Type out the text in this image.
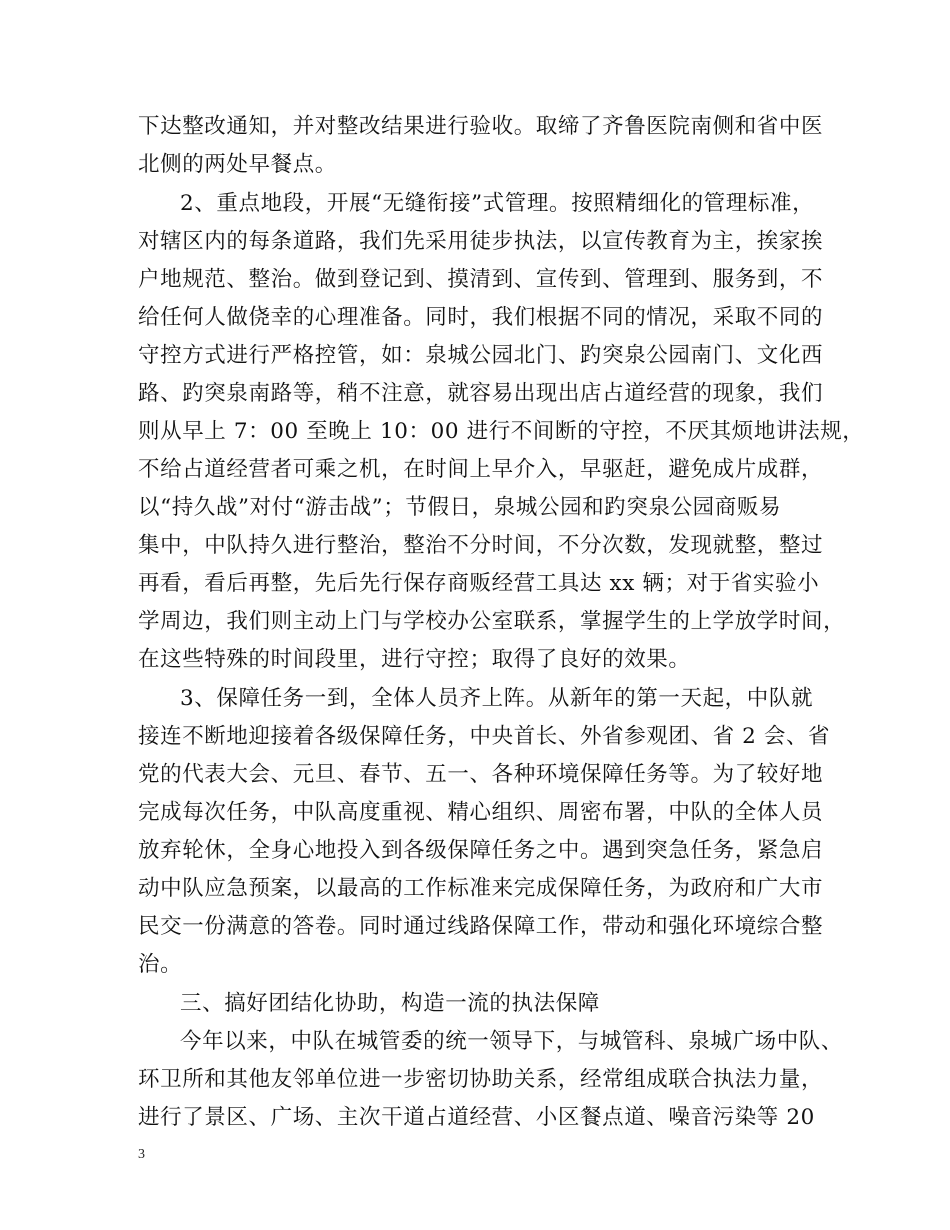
下达整改通知，并对整改结果进行验收。取缔了齐鲁医院南侧和省中医
北侧的两处早餐点。
2、重点地段，开展“无缝衔接”式管理。按照精细化的管理标准，
对辖区内的每条道路，我们先采用徒步执法，以宣传教育为主，挨家挨
户地规范、整治。做到登记到、摸清到、宣传到、管理到、服务到，不
给任何人做侥幸的心理准备。同时，我们根据不同的情况，采取不同的
守控方式进行严格控管，如：泉城公园北门、趵突泉公园南门、文化西
路、趵突泉南路等，稍不注意，就容易出现出店占道经营的现象，我们
则从早上 7：00 至晚上 10：00 进行不间断的守控，不厌其烦地讲法规，
不给占道经营者可乘之机，在时间上早介入，早驱赶，避免成片成群，
以“持久战”对付“游击战”；节假日，泉城公园和趵突泉公园商贩易
集中，中队持久进行整治，整治不分时间，不分次数，发现就整，整过
再看，看后再整，先后先行保存商贩经营工具达 xx 辆；对于省实验小
学周边，我们则主动上门与学校办公室联系，掌握学生的上学放学时间，
在这些特殊的时间段里，进行守控；取得了良好的效果。
3、保障任务一到，全体人员齐上阵。从新年的第一天起，中队就
接连不断地迎接着各级保障任务，中央首长、外省参观团、省 2 会、省
党的代表大会、元旦、春节、五一、各种环境保障任务等。为了较好地
完成每次任务，中队高度重视、精心组织、周密布署，中队的全体人员
放弃轮休，全身心地投入到各级保障任务之中。遇到突急任务，紧急启
动中队应急预案，以最高的工作标准来完成保障任务，为政府和广大市
民交一份满意的答卷。同时通过线路保障工作，带动和强化环境综合整
治。
三、搞好团结化协助，构造一流的执法保障
今年以来，中队在城管委的统一领导下，与城管科、泉城广场中队、
环卫所和其他友邻单位进一步密切协助关系，经常组成联合执法力量，
进行了景区、广场、主次干道占道经营、小区餐点道、噪音污染等 20
3
